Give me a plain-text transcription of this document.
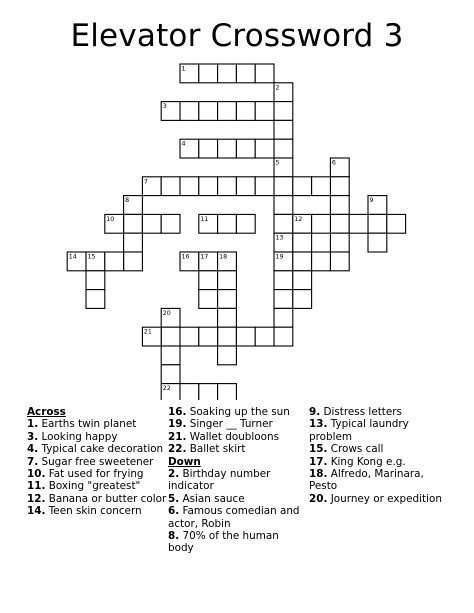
Elevator Crossword 3
1
2
3
4
5	6
7
8	9
10	11	12
13
14 15	16 17 18	19
20
21
22
Across

1. Earths twin planet

3. Looking happy

4. Typical cake decoration

7. Sugar free sweetener

10. Fat used for frying

11. Boxing "greatest"

12. Banana or butter color

14. Teen skin concern

16. Soaking up the sun

19. Singer __ Turner

21. Wallet doubloons

22. Ballet skirt

Down

2. Birthday number indicator

5. Asian sauce

6. Famous comedian and actor, Robin

8. 70% of the human body

9. Distress letters

13. Typical laundry problem

15. Crows call

17. King Kong e.g.

18. Alfredo, Marinara, Pesto

20. Journey or expedition
